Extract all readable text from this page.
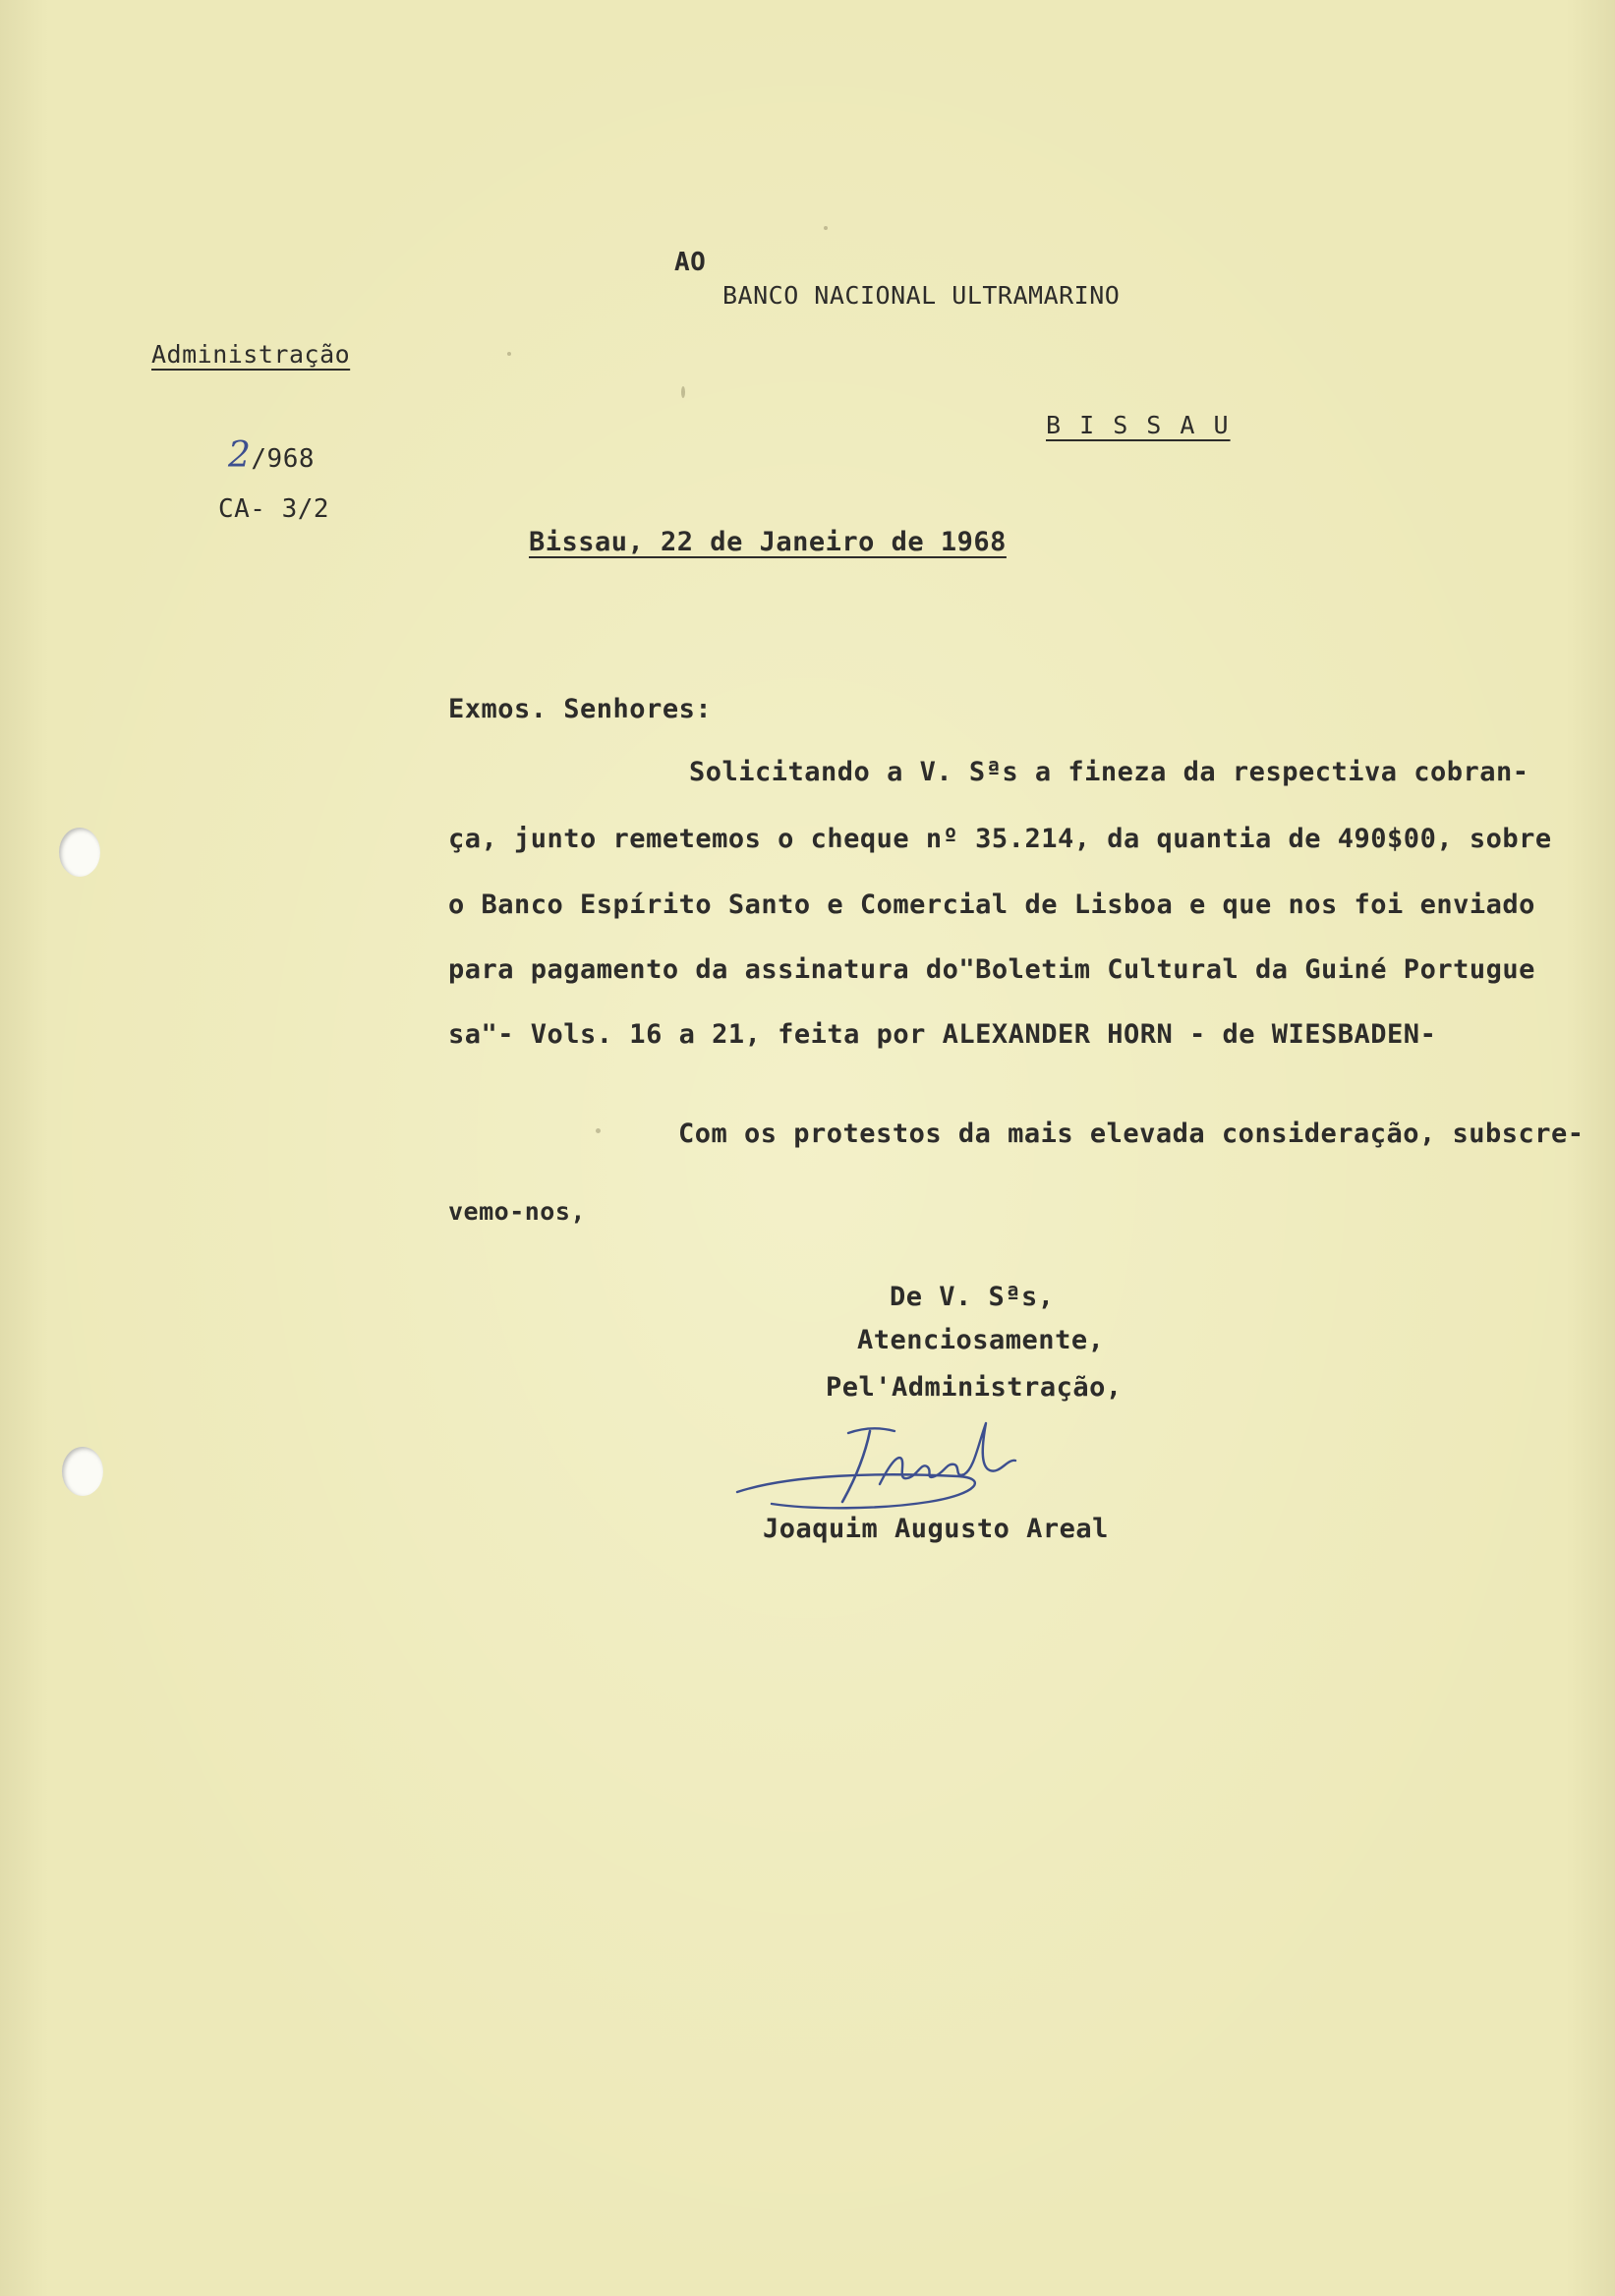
AO
BANCO NACIONAL ULTRAMARINO
Administração
B I S S A U
2/968
CA- 3/2
Bissau, 22 de Janeiro de 1968
Exmos. Senhores:
Solicitando a V. Sªs a fineza da respectiva cobran-
ça, junto remetemos o cheque nº 35.214, da quantia de 490$00, sobre
o Banco Espírito Santo e Comercial de Lisboa e que nos foi enviado
para pagamento da assinatura do"Boletim Cultural da Guiné Portugue
sa"- Vols. 16 a 21, feita por ALEXANDER HORN - de WIESBADEN-
Com os protestos da mais elevada consideração, subscre-
vemo-nos,
De V. Sªs,
Atenciosamente,
Pel'Administração,
Joaquim Augusto Areal
